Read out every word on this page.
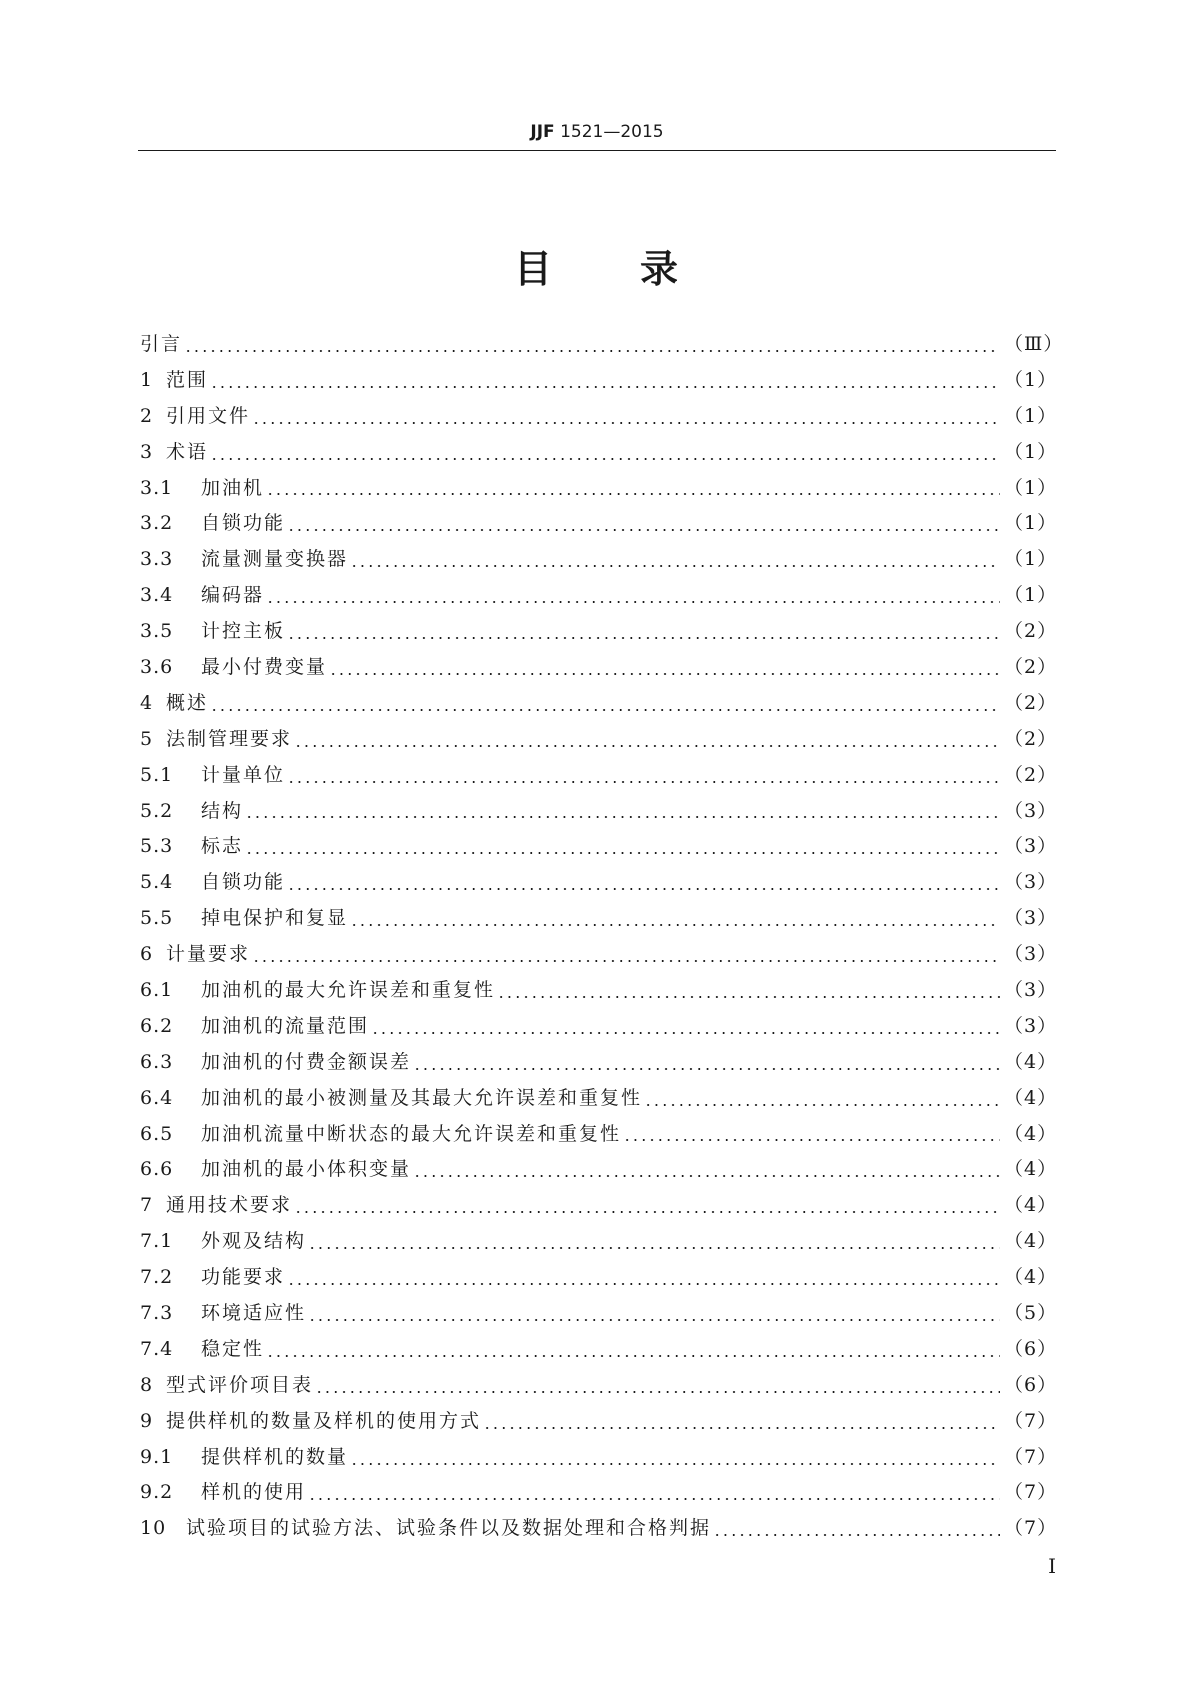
JJF 1521—2015
目 录
引言	（Ⅲ）
1 范围	（1）
2 引用文件	（1）
3 术语	（1）
3.1	加油机	（1）
3.2	自锁功能	（1）
3.3	流量测量变换器	（1）
3.4	编码器	（1）
3.5	计控主板	（2）
3.6	最小付费变量	（2）
4 概述	（2）
5 法制管理要求	（2）
5.1	计量单位	（2）
5.2	结构	（3）
5.3	标志	（3）
5.4	自锁功能	（3）
5.5	掉电保护和复显	（3）
6 计量要求	（3）
6.1	加油机的最大允许误差和重复性	（3）
6.2	加油机的流量范围	（3）
6.3	加油机的付费金额误差	（4）
6.4	加油机的最小被测量及其最大允许误差和重复性	（4）
6.5	加油机流量中断状态的最大允许误差和重复性	（4）
6.6	加油机的最小体积变量	（4）
7 通用技术要求	（4）
7.1	外观及结构	（4）
7.2	功能要求	（4）
7.3	环境适应性	（5）
7.4	稳定性	（6）
8 型式评价项目表	（6）
9 提供样机的数量及样机的使用方式	（7）
9.1	提供样机的数量	（7）
9.2	样机的使用	（7）
10	试验项目的试验方法、试验条件以及数据处理和合格判据	（7）
I
